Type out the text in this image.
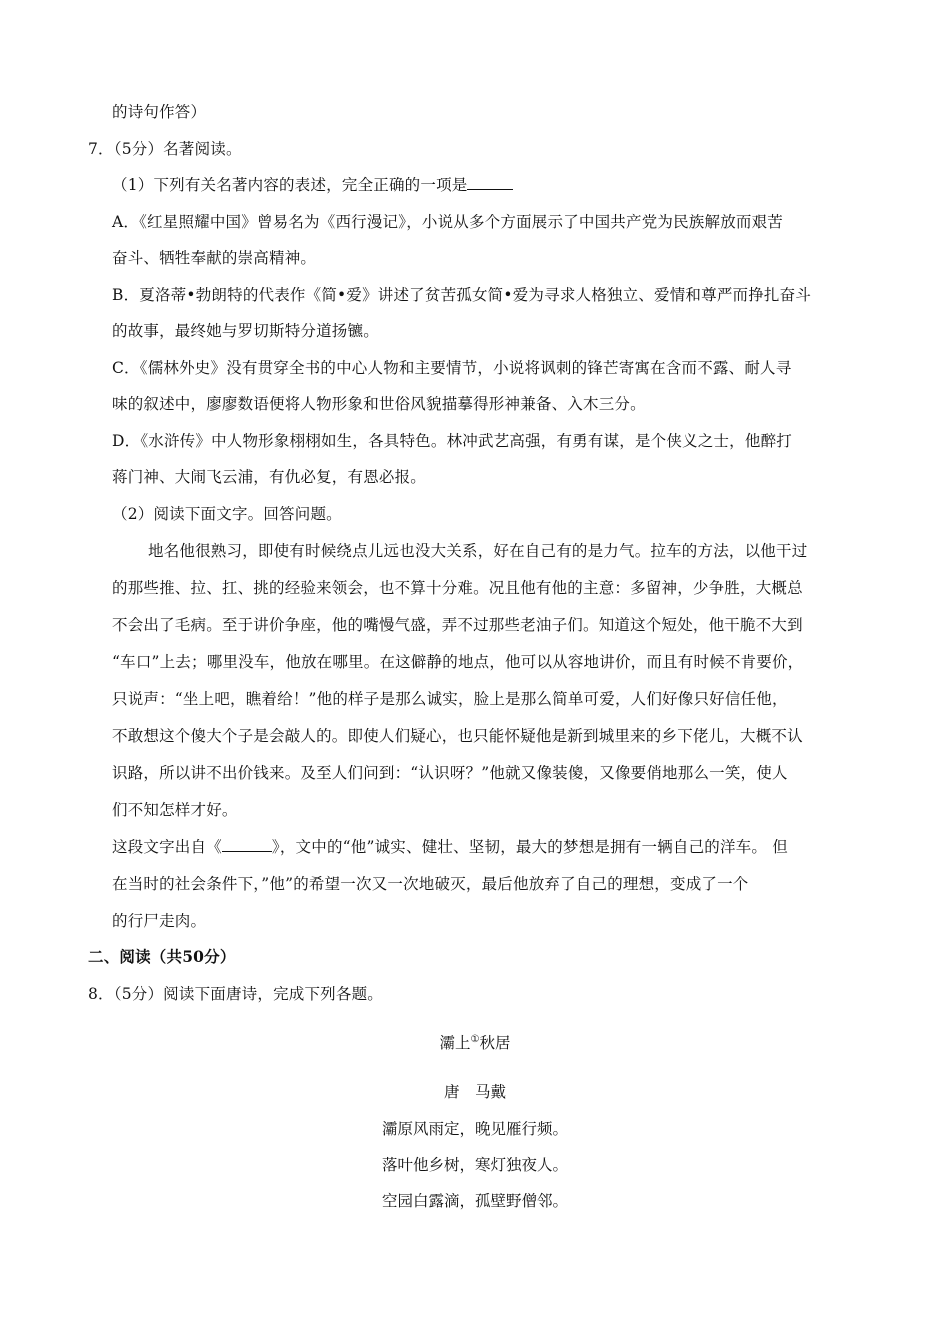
的诗句作答）
7．（5分）名著阅读。
（1）下列有关名著内容的表述，完全正确的一项是
A．《红星照耀中国》曾易名为《西行漫记》，小说从多个方面展示了中国共产党为民族解放而艰苦
奋斗、牺牲奉献的崇高精神。
B．夏洛蒂•勃朗特的代表作《简•爱》讲述了贫苦孤女简•爱为寻求人格独立、爱情和尊严而挣扎奋斗
的故事，最终她与罗切斯特分道扬镳。
C．《儒林外史》没有贯穿全书的中心人物和主要情节，小说将讽刺的锋芒寄寓在含而不露、耐人寻
味的叙述中，廖廖数语便将人物形象和世俗风貌描摹得形神兼备、入木三分。
D．《水浒传》中人物形象栩栩如生，各具特色。林冲武艺高强，有勇有谋，是个侠义之士，他醉打
蒋门神、大闹飞云浦，有仇必复，有恩必报。
（2）阅读下面文字。回答问题。
地名他很熟习，即使有时候绕点儿远也没大关系，好在自己有的是力气。拉车的方法，以他干过
的那些推、拉、扛、挑的经验来领会，也不算十分难。况且他有他的主意：多留神，少争胜，大概总
不会出了毛病。至于讲价争座，他的嘴慢气盛，弄不过那些老油子们。知道这个短处，他干脆不大到
“车口”上去；哪里没车，他放在哪里。在这僻静的地点，他可以从容地讲价，而且有时候不肯要价，
只说声：“坐上吧，瞧着给！”他的样子是那么诚实，脸上是那么简单可爱，人们好像只好信任他，
不敢想这个傻大个子是会敲人的。即使人们疑心，也只能怀疑他是新到城里来的乡下佬儿，大概不认
识路，所以讲不出价钱来。及至人们问到：“认识呀？”他就又像装傻，又像要俏地那么一笑，使人
们不知怎样才好。
这段文字出自《	》，文中的“他”诚实、健壮、坚韧，最大的梦想是拥有一辆自己的洋车。 但
在当时的社会条件下，”他”的希望一次又一次地破灭，最后他放弃了自己的理想，变成了一个
的行尸走肉。
二、阅读（共50分）
8．（5分）阅读下面唐诗，完成下列各题。
灞上①秋居
唐　马戴
灞原风雨定，晚见雁行频。
落叶他乡树，寒灯独夜人。
空园白露滴，孤壁野僧邻。
